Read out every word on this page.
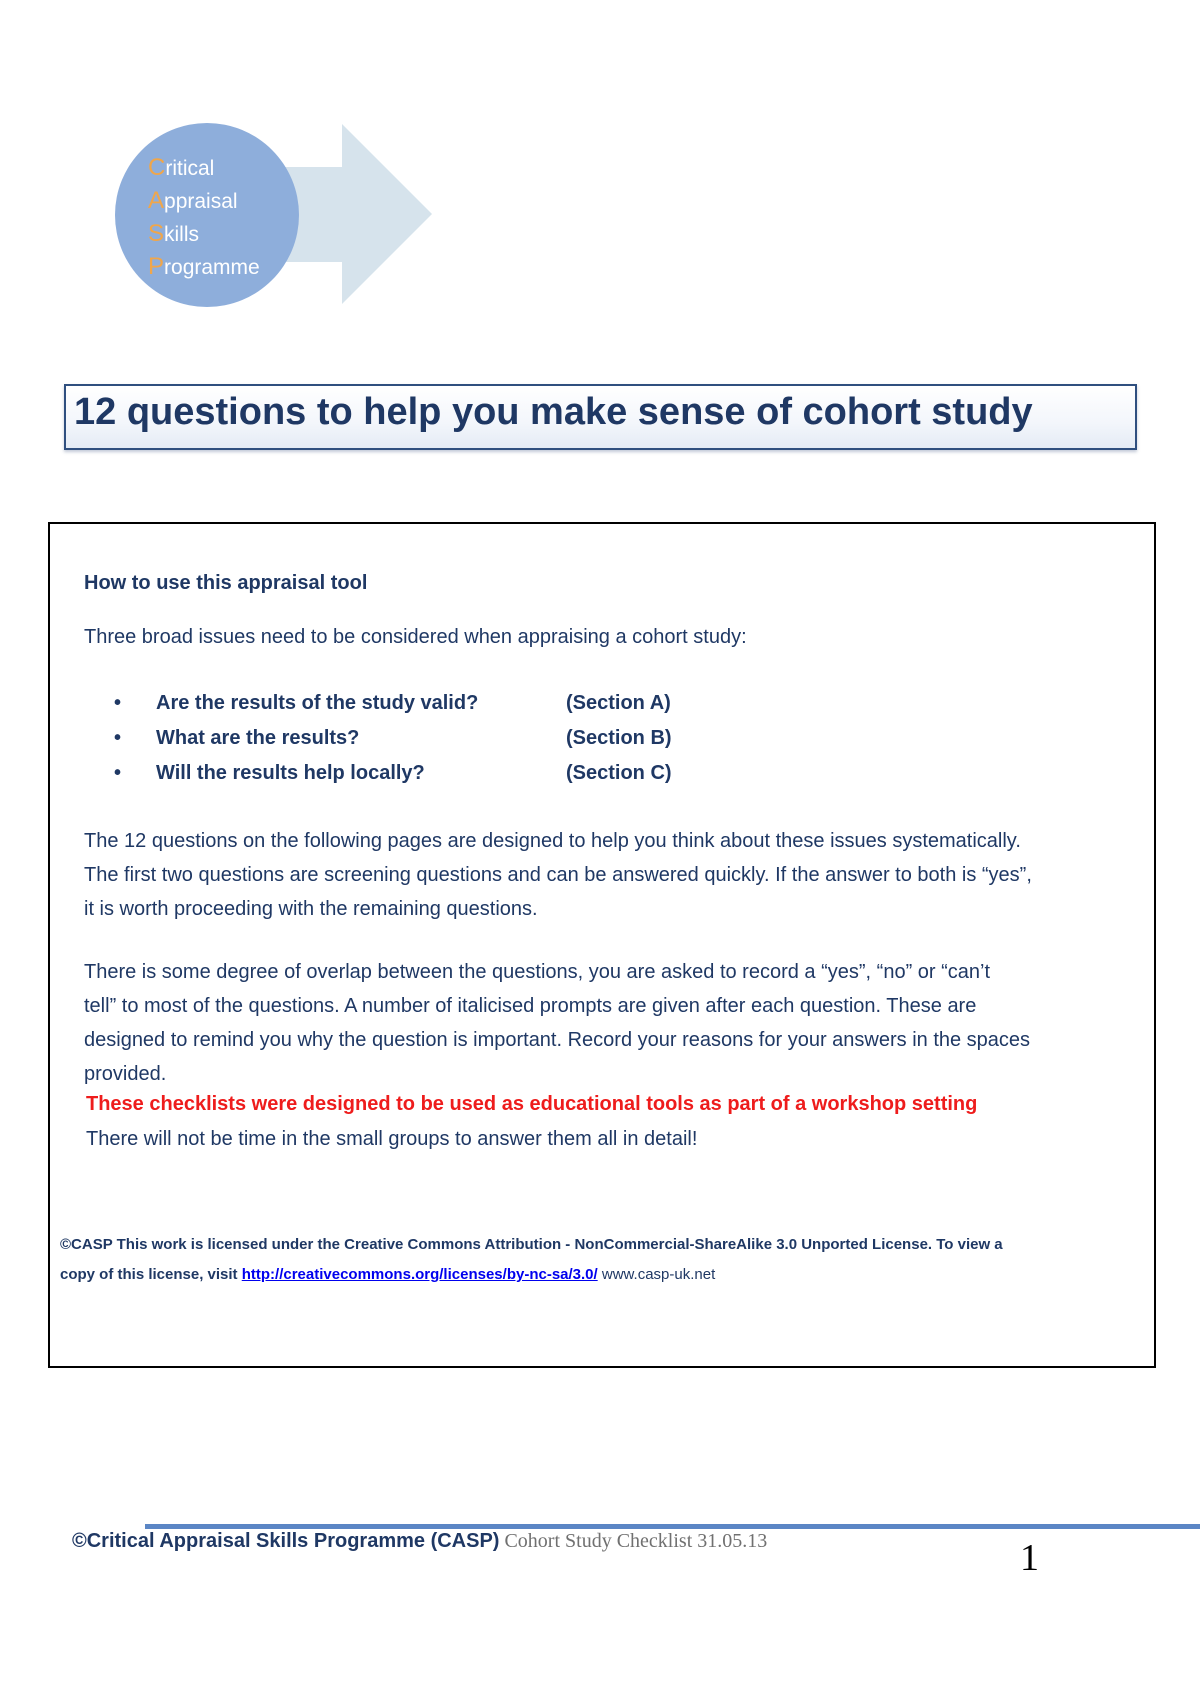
Critical
Appraisal
Skills
Programme
12 questions to help you make sense of cohort study
How to use this appraisal tool
Three broad issues need to be considered when appraising a cohort study:
• Are the results of the study valid?	(Section A)
• What are the results?	(Section B)
• Will the results help locally?	(Section C)
The 12 questions on the following pages are designed to help you think about these issues systematically.
The first two questions are screening questions and can be answered quickly. If the answer to both is “yes”,
it is worth proceeding with the remaining questions.
There is some degree of overlap between the questions, you are asked to record a “yes”, “no” or “can’t
tell” to most of the questions. A number of italicised prompts are given after each question. These are
designed to remind you why the question is important. Record your reasons for your answers in the spaces
provided.
These checklists were designed to be used as educational tools as part of a workshop setting
There will not be time in the small groups to answer them all in detail!
©CASP This work is licensed under the Creative Commons Attribution - NonCommercial-ShareAlike 3.0 Unported License. To view a
copy of this license, visit http://creativecommons.org/licenses/by-nc-sa/3.0/ www.casp-uk.net
©Critical Appraisal Skills Programme (CASP) Cohort Study Checklist 31.05.13	1
